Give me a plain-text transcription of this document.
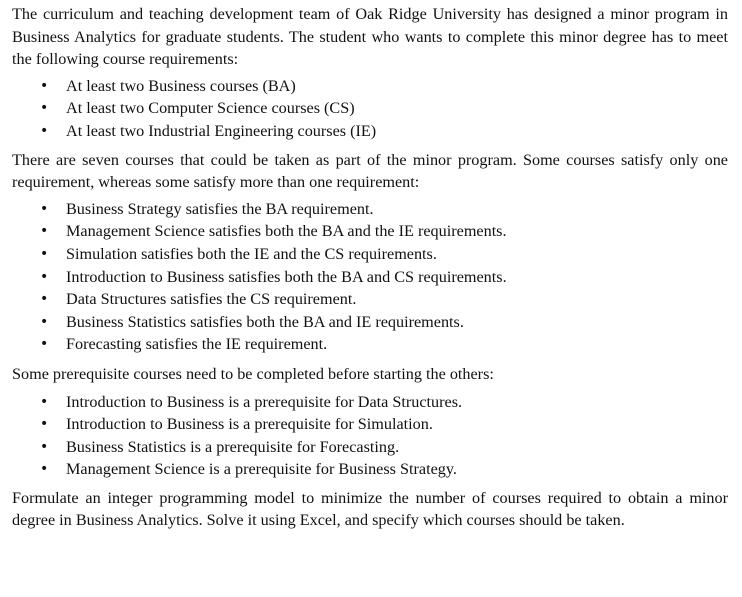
The curriculum and teaching development team of Oak Ridge University has designed a minor program in Business Analytics for graduate students. The student who wants to complete this minor degree has to meet the following course requirements:

• At least two Business courses (BA)
• At least two Computer Science courses (CS)
• At least two Industrial Engineering courses (IE)

There are seven courses that could be taken as part of the minor program. Some courses satisfy only one requirement, whereas some satisfy more than one requirement:

• Business Strategy satisfies the BA requirement.
• Management Science satisfies both the BA and the IE requirements.
• Simulation satisfies both the IE and the CS requirements.
• Introduction to Business satisfies both the BA and CS requirements.
• Data Structures satisfies the CS requirement.
• Business Statistics satisfies both the BA and IE requirements.
• Forecasting satisfies the IE requirement.

Some prerequisite courses need to be completed before starting the others:

• Introduction to Business is a prerequisite for Data Structures.
• Introduction to Business is a prerequisite for Simulation.
• Business Statistics is a prerequisite for Forecasting.
• Management Science is a prerequisite for Business Strategy.

Formulate an integer programming model to minimize the number of courses required to obtain a minor degree in Business Analytics. Solve it using Excel, and specify which courses should be taken.
